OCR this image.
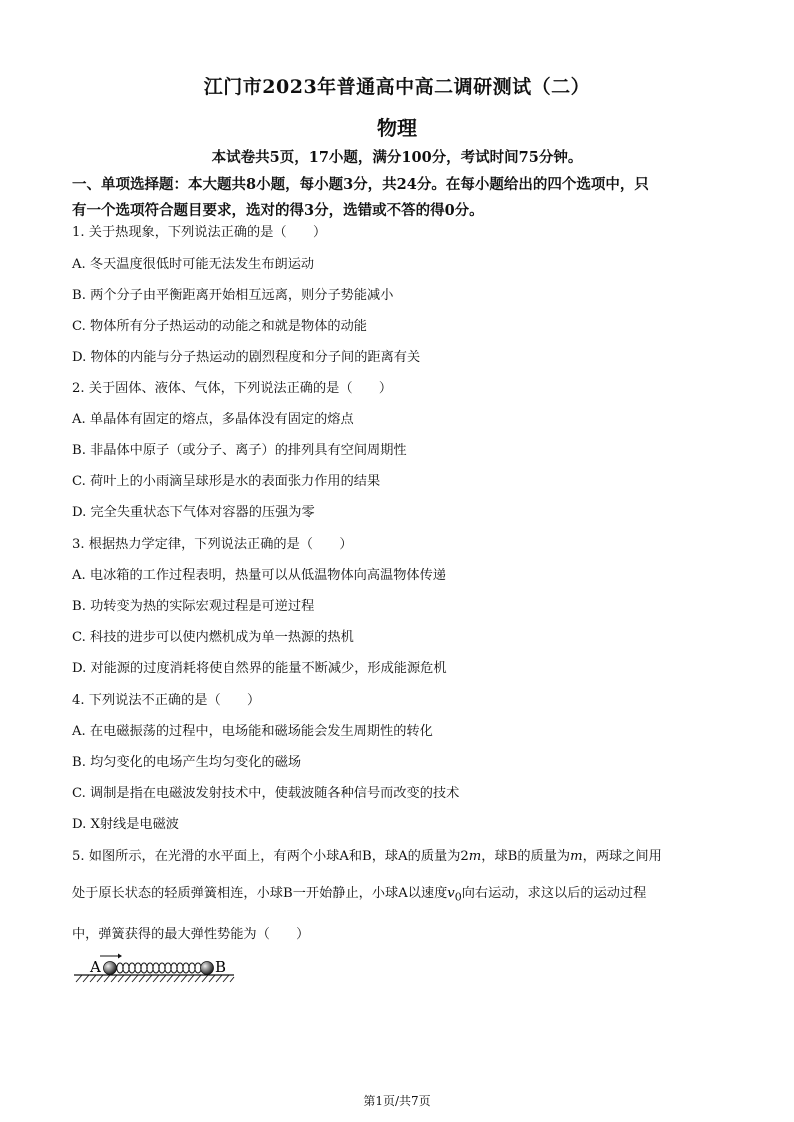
江门市2023年普通高中高二调研测试（二）
物理
本试卷共5页，17小题，满分100分，考试时间75分钟。
一、单项选择题：本大题共8小题，每小题3分，共24分。在每小题给出的四个选项中，只
有一个选项符合题目要求，选对的得3分，选错或不答的得0分。
1. 关于热现象，下列说法正确的是（　　）
A. 冬天温度很低时可能无法发生布朗运动
B. 两个分子由平衡距离开始相互远离，则分子势能减小
C. 物体所有分子热运动的动能之和就是物体的动能
D. 物体的内能与分子热运动的剧烈程度和分子间的距离有关
2. 关于固体、液体、气体，下列说法正确的是（　　）
A. 单晶体有固定的熔点，多晶体没有固定的熔点
B. 非晶体中原子（或分子、离子）的排列具有空间周期性
C. 荷叶上的小雨滴呈球形是水的表面张力作用的结果
D. 完全失重状态下气体对容器的压强为零
3. 根据热力学定律，下列说法正确的是（　　）
A. 电冰箱的工作过程表明，热量可以从低温物体向高温物体传递
B. 功转变为热的实际宏观过程是可逆过程
C. 科技的进步可以使内燃机成为单一热源的热机
D. 对能源的过度消耗将使自然界的能量不断减少，形成能源危机
4. 下列说法不正确的是（　　）
A. 在电磁振荡的过程中，电场能和磁场能会发生周期性的转化
B. 均匀变化的电场产生均匀变化的磁场
C. 调制是指在电磁波发射技术中，使载波随各种信号而改变的技术
D. X射线是电磁波
5. 如图所示，在光滑的水平面上，有两个小球A和B，球A的质量为2m，球B的质量为m，两球之间用
处于原长状态的轻质弹簧相连，小球B一开始静止，小球A以速度$v_0$向右运动，求这以后的运动过程
中，弹簧获得的最大弹性势能为（　　）
A	B
第1页/共7页
